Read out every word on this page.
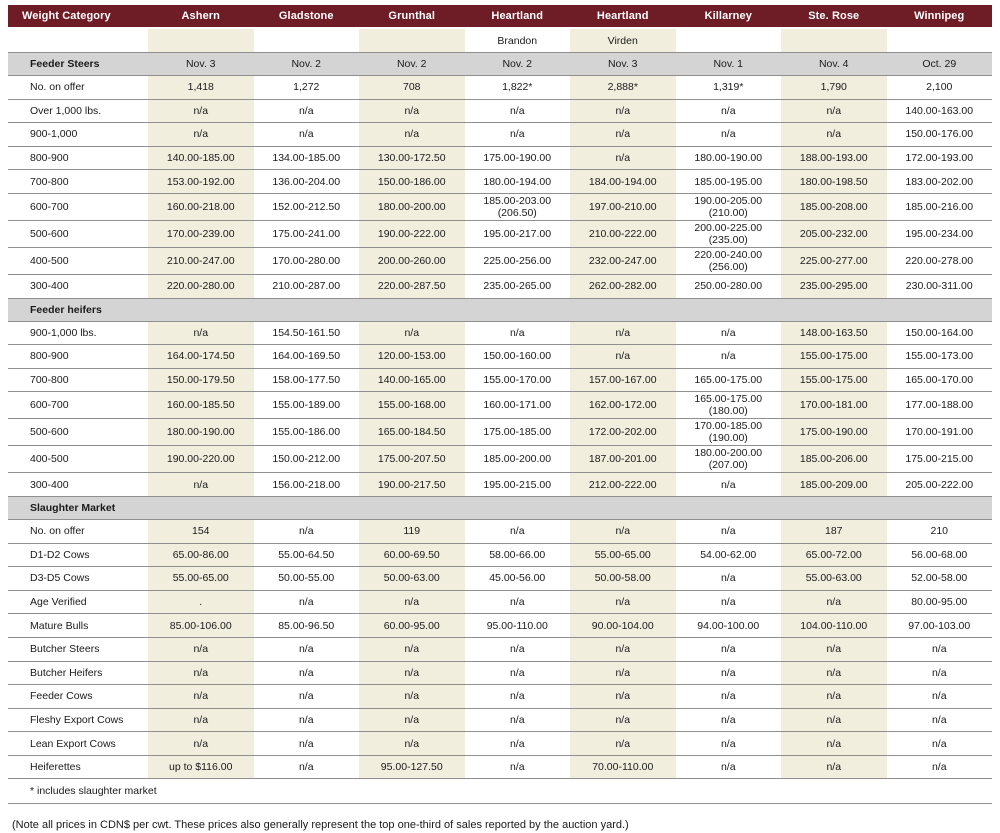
Weight Category	Ashern	Gladstone	Grunthal	Heartland	Heartland	Killarney	Ste. Rose	Winnipeg
				Brandon	Virden			
Feeder Steers	Nov. 3	Nov. 2	Nov. 2	Nov. 2	Nov. 3	Nov. 1	Nov. 4	Oct. 29
No. on offer	1,418	1,272	708	1,822*	2,888*	1,319*	1,790	2,100
Over 1,000 lbs.	n/a	n/a	n/a	n/a	n/a	n/a	n/a	140.00-163.00
900-1,000	n/a	n/a	n/a	n/a	n/a	n/a	n/a	150.00-176.00
800-900	140.00-185.00	134.00-185.00	130.00-172.50	175.00-190.00	n/a	180.00-190.00	188.00-193.00	172.00-193.00
700-800	153.00-192.00	136.00-204.00	150.00-186.00	180.00-194.00	184.00-194.00	185.00-195.00	180.00-198.50	183.00-202.00
600-700	160.00-218.00	152.00-212.50	180.00-200.00	185.00-203.00 (206.50)	197.00-210.00	190.00-205.00 (210.00)	185.00-208.00	185.00-216.00
500-600	170.00-239.00	175.00-241.00	190.00-222.00	195.00-217.00	210.00-222.00	200.00-225.00 (235.00)	205.00-232.00	195.00-234.00
400-500	210.00-247.00	170.00-280.00	200.00-260.00	225.00-256.00	232.00-247.00	220.00-240.00 (256.00)	225.00-277.00	220.00-278.00
300-400	220.00-280.00	210.00-287.00	220.00-287.50	235.00-265.00	262.00-282.00	250.00-280.00	235.00-295.00	230.00-311.00
Feeder heifers								
900-1,000 lbs.	n/a	154.50-161.50	n/a	n/a	n/a	n/a	148.00-163.50	150.00-164.00
800-900	164.00-174.50	164.00-169.50	120.00-153.00	150.00-160.00	n/a	n/a	155.00-175.00	155.00-173.00
700-800	150.00-179.50	158.00-177.50	140.00-165.00	155.00-170.00	157.00-167.00	165.00-175.00	155.00-175.00	165.00-170.00
600-700	160.00-185.50	155.00-189.00	155.00-168.00	160.00-171.00	162.00-172.00	165.00-175.00 (180.00)	170.00-181.00	177.00-188.00
500-600	180.00-190.00	155.00-186.00	165.00-184.50	175.00-185.00	172.00-202.00	170.00-185.00 (190.00)	175.00-190.00	170.00-191.00
400-500	190.00-220.00	150.00-212.00	175.00-207.50	185.00-200.00	187.00-201.00	180.00-200.00 (207.00)	185.00-206.00	175.00-215.00
300-400	n/a	156.00-218.00	190.00-217.50	195.00-215.00	212.00-222.00	n/a	185.00-209.00	205.00-222.00
Slaughter Market								
No. on offer	154	n/a	119	n/a	n/a	n/a	187	210
D1-D2 Cows	65.00-86.00	55.00-64.50	60.00-69.50	58.00-66.00	55.00-65.00	54.00-62.00	65.00-72.00	56.00-68.00
D3-D5 Cows	55.00-65.00	50.00-55.00	50.00-63.00	45.00-56.00	50.00-58.00	n/a	55.00-63.00	52.00-58.00
Age Verified	.	n/a	n/a	n/a	n/a	n/a	n/a	80.00-95.00
Mature Bulls	85.00-106.00	85.00-96.50	60.00-95.00	95.00-110.00	90.00-104.00	94.00-100.00	104.00-110.00	97.00-103.00
Butcher Steers	n/a	n/a	n/a	n/a	n/a	n/a	n/a	n/a
Butcher Heifers	n/a	n/a	n/a	n/a	n/a	n/a	n/a	n/a
Feeder Cows	n/a	n/a	n/a	n/a	n/a	n/a	n/a	n/a
Fleshy Export Cows	n/a	n/a	n/a	n/a	n/a	n/a	n/a	n/a
Lean Export Cows	n/a	n/a	n/a	n/a	n/a	n/a	n/a	n/a
Heiferettes	up to $116.00	n/a	95.00-127.50	n/a	70.00-110.00	n/a	n/a	n/a
* includes slaughter market								
(Note all prices in CDN$ per cwt. These prices also generally represent the top one-third of sales reported by the auction yard.)
